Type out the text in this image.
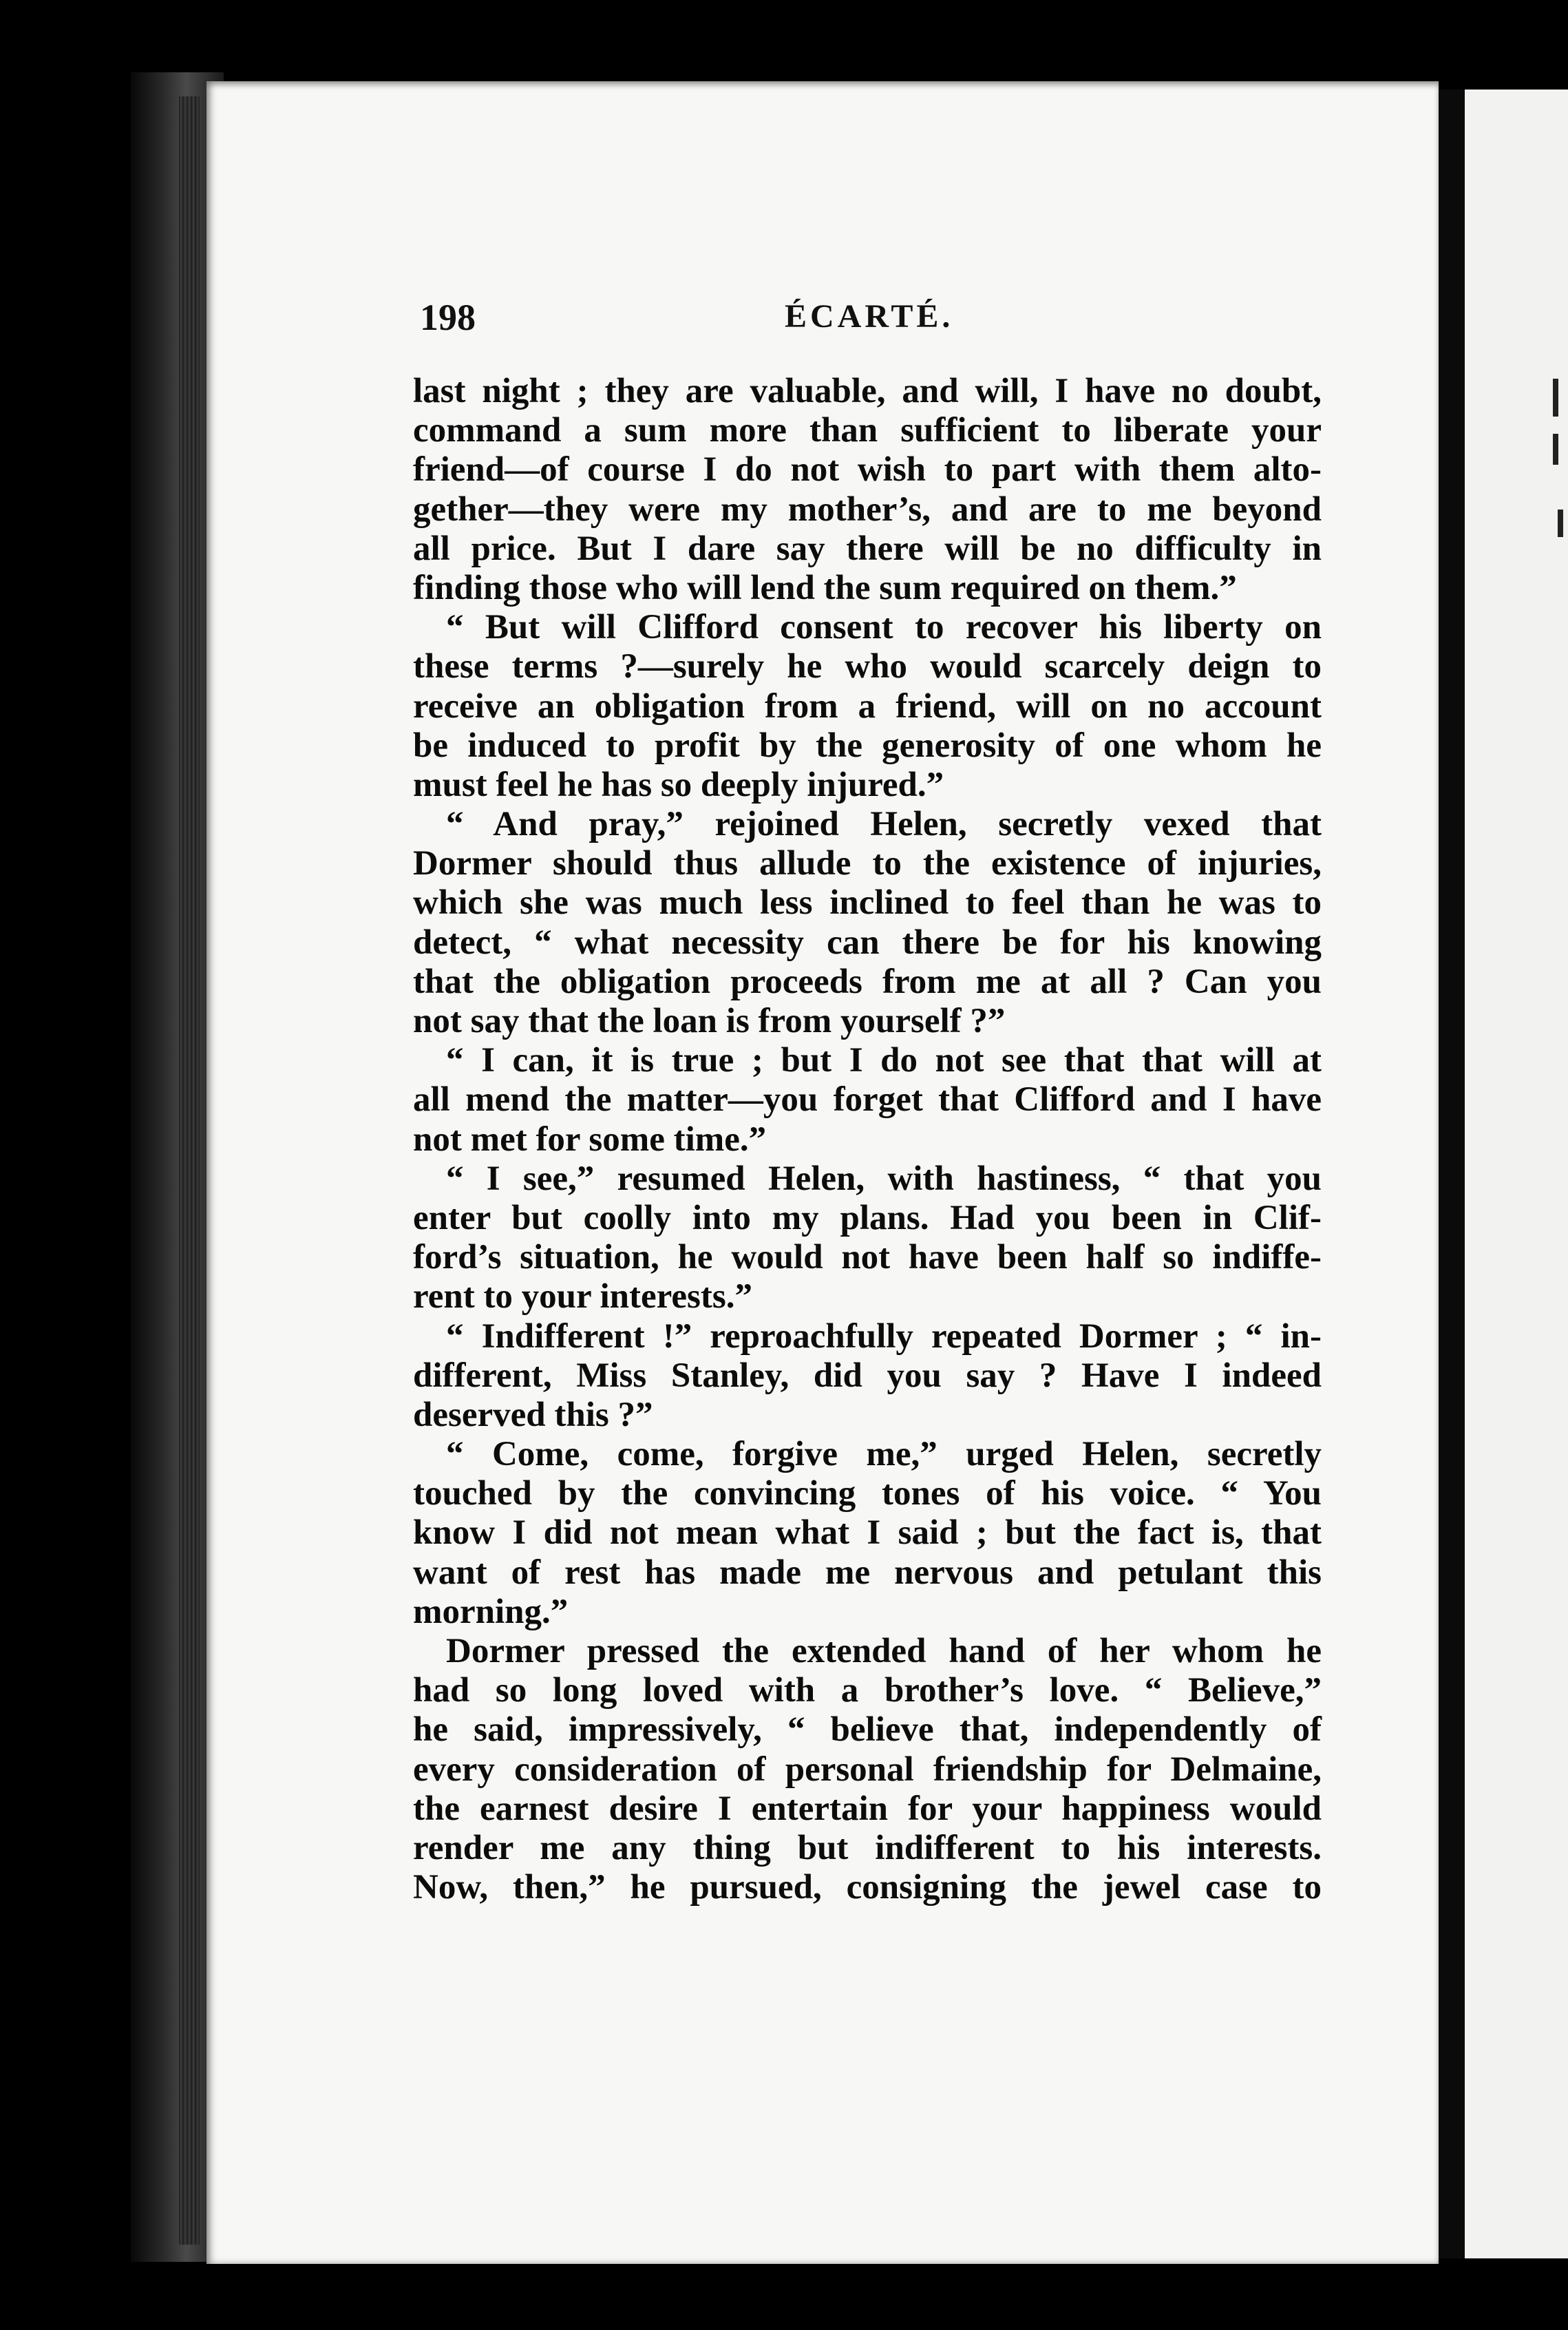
198	ÉCARTÉ.
last night ; they are valuable, and will, I have no doubt,
command a sum more than sufficient to liberate your
friend—of course I do not wish to part with them alto-
gether—they were my mother’s, and are to me beyond
all price. But I dare say there will be no difficulty in
finding those who will lend the sum required on them.”
“ But will Clifford consent to recover his liberty on
these terms ?—surely he who would scarcely deign to
receive an obligation from a friend, will on no account
be induced to profit by the generosity of one whom he
must feel he has so deeply injured.”
“ And pray,” rejoined Helen, secretly vexed that
Dormer should thus allude to the existence of injuries,
which she was much less inclined to feel than he was to
detect, “ what necessity can there be for his knowing
that the obligation proceeds from me at all ? Can you
not say that the loan is from yourself ?”
“ I can, it is true ; but I do not see that that will at
all mend the matter—you forget that Clifford and I have
not met for some time.”
“ I see,” resumed Helen, with hastiness, “ that you
enter but coolly into my plans. Had you been in Clif-
ford’s situation, he would not have been half so indiffe-
rent to your interests.”
“ Indifferent !” reproachfully repeated Dormer ; “ in-
different, Miss Stanley, did you say ? Have I indeed
deserved this ?”
“ Come, come, forgive me,” urged Helen, secretly
touched by the convincing tones of his voice. “ You
know I did not mean what I said ; but the fact is, that
want of rest has made me nervous and petulant this
morning.”
Dormer pressed the extended hand of her whom he
had so long loved with a brother’s love. “ Believe,”
he said, impressively, “ believe that, independently of
every consideration of personal friendship for Delmaine,
the earnest desire I entertain for your happiness would
render me any thing but indifferent to his interests.
Now, then,” he pursued, consigning the jewel case to
